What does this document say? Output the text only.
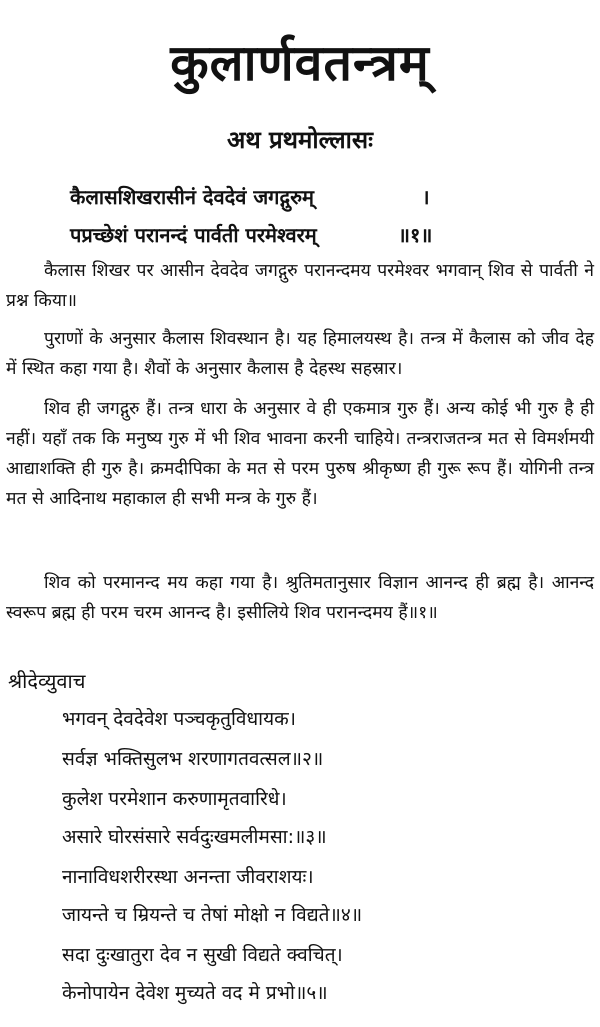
कुलार्णवतन्त्रम्
अथ प्रथमोल्लासः
कैलासशिखरासीनं देवदेवं जगद्गुरुम्	।
पप्रच्छेशं परानन्दं पार्वती परमेश्वरम्	॥१॥
कैलास शिखर पर आसीन देवदेव जगद्गुरु परानन्दमय परमेश्वर भगवान् शिव से पार्वती ने प्रश्न किया॥
पुराणों के अनुसार कैलास शिवस्थान है। यह हिमालयस्थ है। तन्त्र में कैलास को जीव देह में स्थित कहा गया है। शैवों के अनुसार कैलास है देहस्थ सहस्रार।
शिव ही जगद्गुरु हैं। तन्त्र धारा के अनुसार वे ही एकमात्र गुरु हैं। अन्य कोई भी गुरु है ही नहीं। यहाँ तक कि मनुष्य गुरु में भी शिव भावना करनी चाहिये। तन्त्रराजतन्त्र मत से विमर्शमयी आद्याशक्ति ही गुरु है। क्रमदीपिका के मत से परम पुरुष श्रीकृष्ण ही गुरू रूप हैं। योगिनी तन्त्र मत से आदिनाथ महाकाल ही सभी मन्त्र के गुरु हैं।
शिव को परमानन्द मय कहा गया है। श्रुतिमतानुसार विज्ञान आनन्द ही ब्रह्म है। आनन्द स्वरूप ब्रह्म ही परम चरम आनन्द है। इसीलिये शिव परानन्दमय हैं॥१॥
श्रीदेव्युवाच
भगवन् देवदेवेश पञ्चकृतुविधायक।
सर्वज्ञ भक्तिसुलभ शरणागतवत्सल॥२॥
कुलेश परमेशान करुणामृतवारिधे।
असारे घोरसंसारे सर्वदुःखमलीमसा:॥३॥
नानाविधशरीरस्था अनन्ता जीवराशयः।
जायन्ते च म्रियन्ते च तेषां मोक्षो न विद्यते॥४॥
सदा दुःखातुरा देव न सुखी विद्यते क्वचित्।
केनोपायेन देवेश मुच्यते वद मे प्रभो॥५॥
